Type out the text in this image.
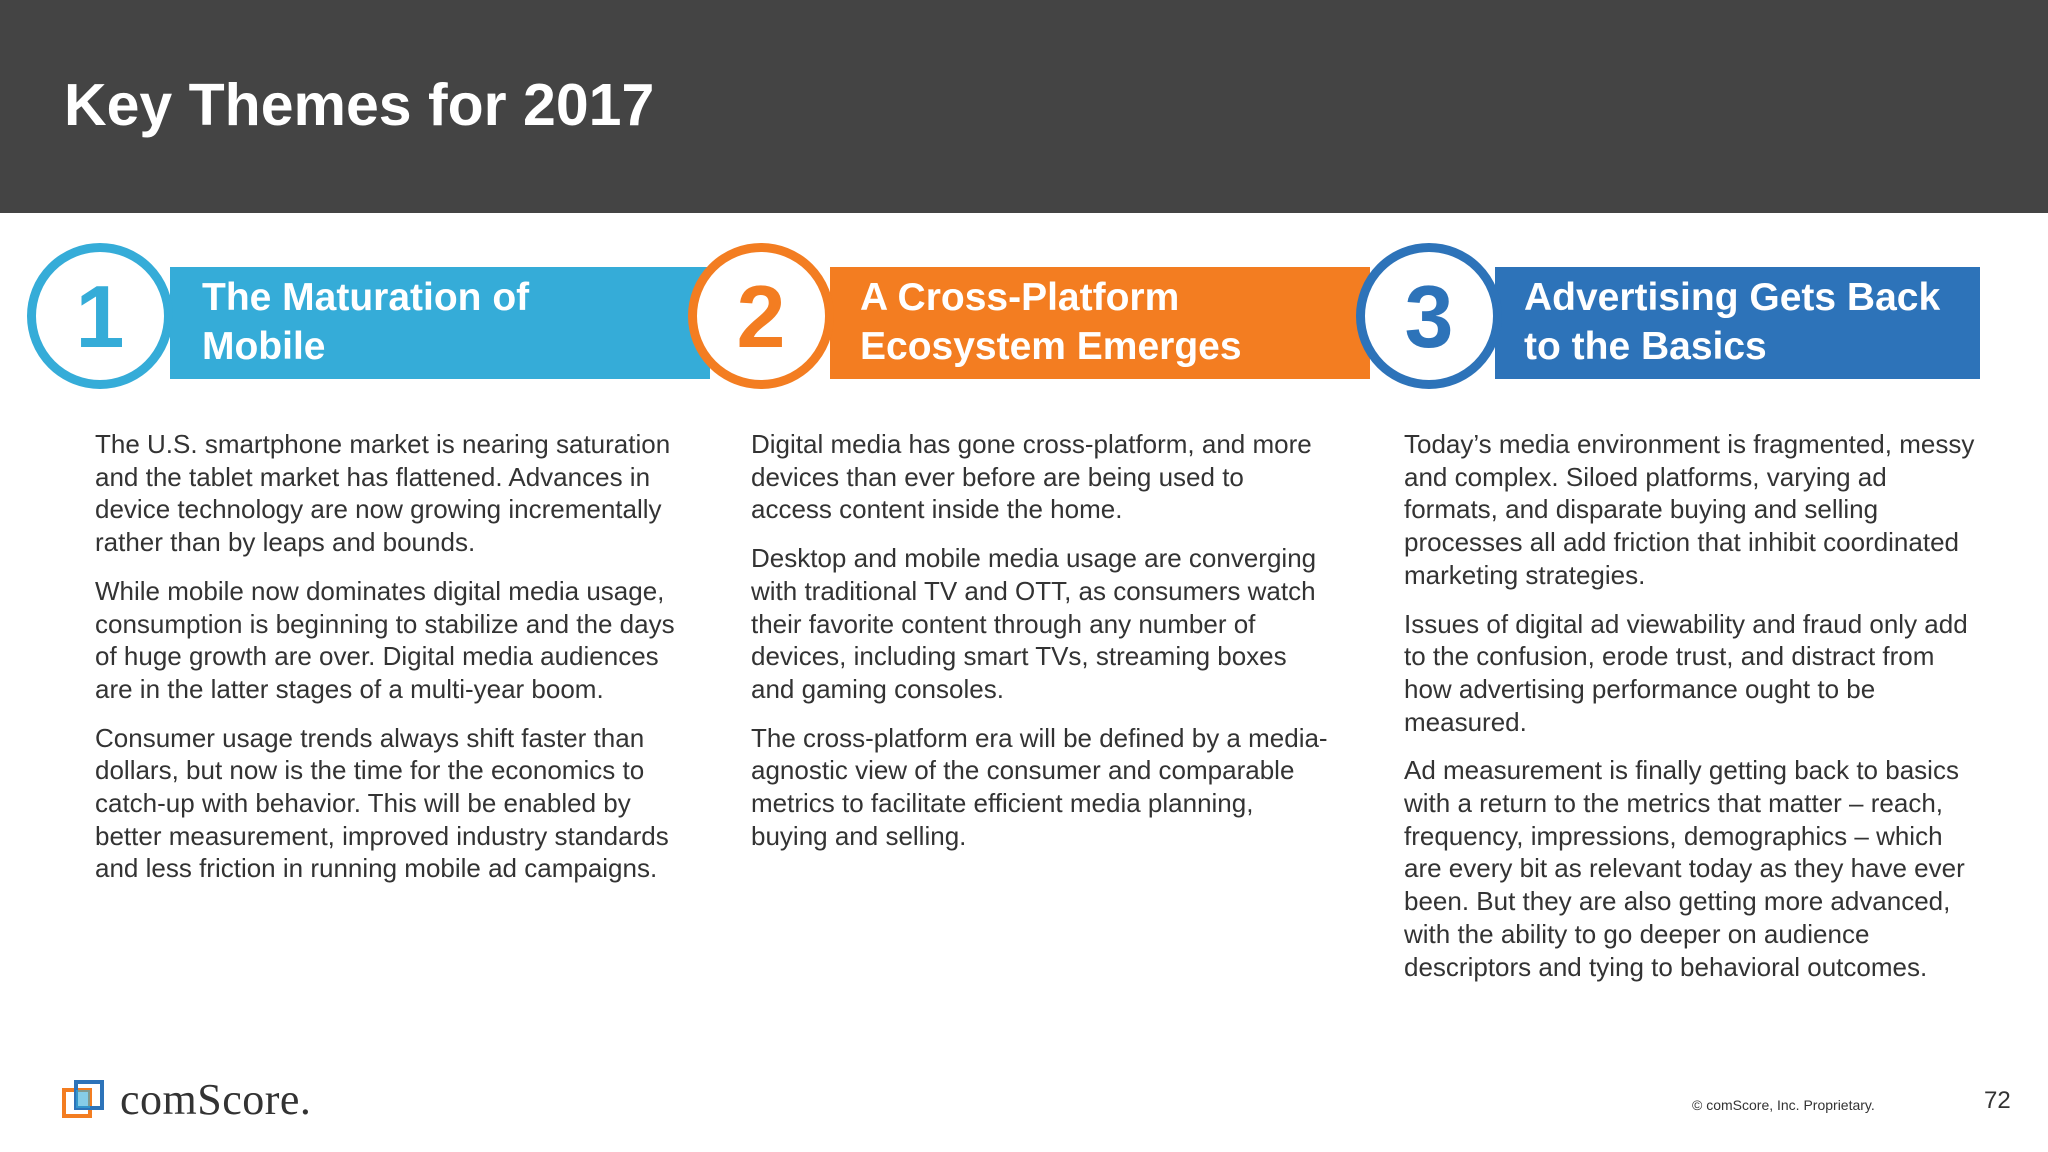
Key Themes for 2017
1 The Maturation of
Mobile	2 A Cross-Platform
Ecosystem Emerges	3 Advertising Gets Back
to the Basics

The U.S. smartphone market is nearing saturation and the tablet market has flattened. Advances in device technology are now growing incrementally rather than by leaps and bounds.

While mobile now dominates digital media usage, consumption is beginning to stabilize and the days of huge growth are over. Digital media audiences are in the latter stages of a multi-year boom.

Consumer usage trends always shift faster than dollars, but now is the time for the economics to catch-up with behavior. This will be enabled by better measurement, improved industry standards and less friction in running mobile ad campaigns.

Digital media has gone cross-platform, and more devices than ever before are being used to access content inside the home.

Desktop and mobile media usage are converging with traditional TV and OTT, as consumers watch their favorite content through any number of devices, including smart TVs, streaming boxes and gaming consoles.

The cross-platform era will be defined by a media-agnostic view of the consumer and comparable metrics to facilitate efficient media planning, buying and selling.

Today’s media environment is fragmented, messy and complex. Siloed platforms, varying ad formats, and disparate buying and selling processes all add friction that inhibit coordinated marketing strategies.

Issues of digital ad viewability and fraud only add to the confusion, erode trust, and distract from how advertising performance ought to be measured.

Ad measurement is finally getting back to basics with a return to the metrics that matter – reach, frequency, impressions, demographics – which are every bit as relevant today as they have ever been. But they are also getting more advanced, with the ability to go deeper on audience descriptors and tying to behavioral outcomes.

comScore.	© comScore, Inc. Proprietary.	72
